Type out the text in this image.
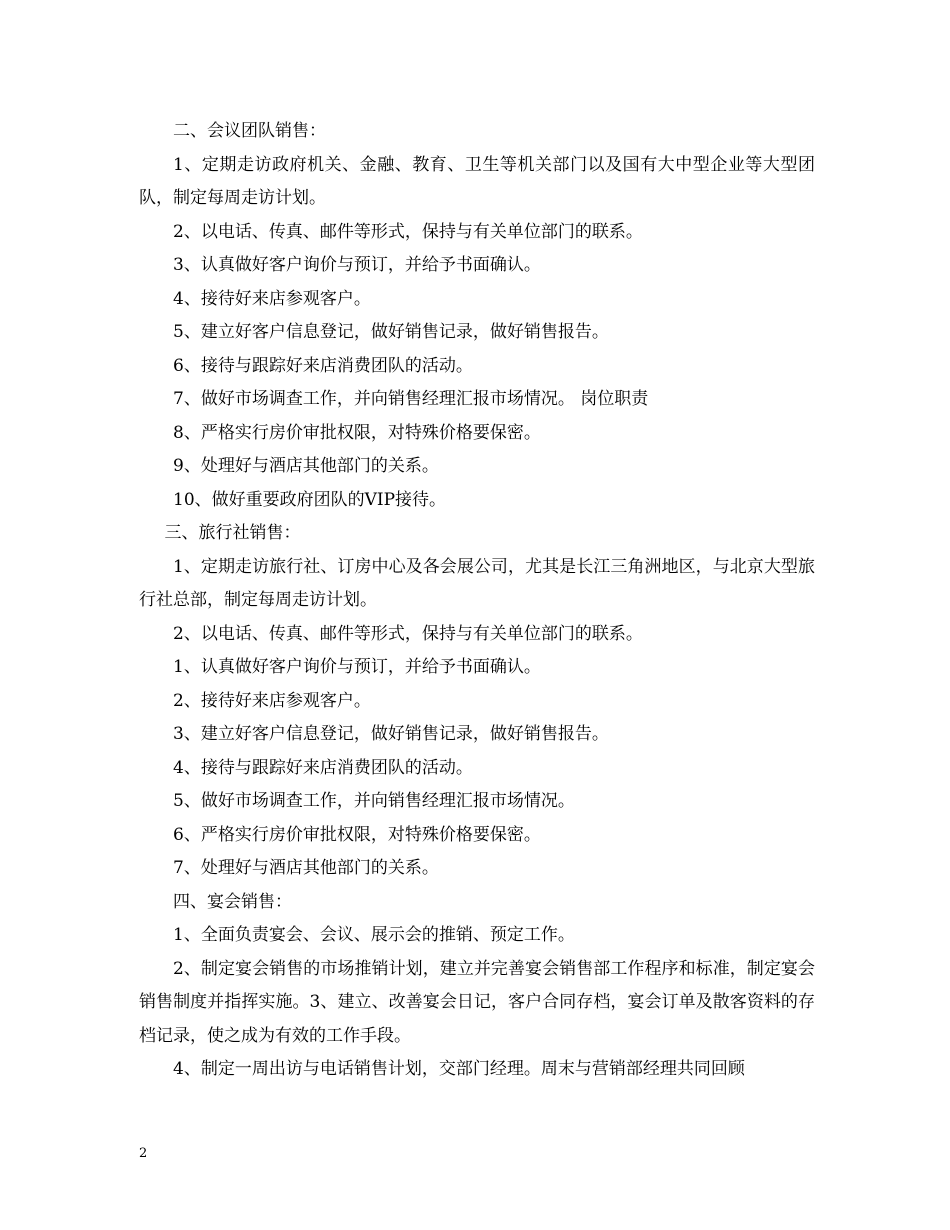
二、会议团队销售：

1、定期走访政府机关、金融、教育、卫生等机关部门以及国有大中型企业等大型团队，制定每周走访计划。

2、以电话、传真、邮件等形式，保持与有关单位部门的联系。

3、认真做好客户询价与预订，并给予书面确认。

4、接待好来店参观客户。

5、建立好客户信息登记，做好销售记录，做好销售报告。

6、接待与跟踪好来店消费团队的活动。

7、做好市场调查工作，并向销售经理汇报市场情况。 岗位职责

8、严格实行房价审批权限，对特殊价格要保密。

9、处理好与酒店其他部门的关系。

10、做好重要政府团队的VIP接待。

三、旅行社销售：

1、定期走访旅行社、订房中心及各会展公司，尤其是长江三角洲地区，与北京大型旅行社总部，制定每周走访计划。

2、以电话、传真、邮件等形式，保持与有关单位部门的联系。

1、认真做好客户询价与预订，并给予书面确认。

2、接待好来店参观客户。

3、建立好客户信息登记，做好销售记录，做好销售报告。

4、接待与跟踪好来店消费团队的活动。

5、做好市场调查工作，并向销售经理汇报市场情况。

6、严格实行房价审批权限，对特殊价格要保密。

7、处理好与酒店其他部门的关系。

四、宴会销售：

1、全面负责宴会、会议、展示会的推销、预定工作。

2、制定宴会销售的市场推销计划，建立并完善宴会销售部工作程序和标准，制定宴会销售制度并指挥实施。3、建立、改善宴会日记，客户合同存档，宴会订单及散客资料的存档记录，使之成为有效的工作手段。

4、制定一周出访与电话销售计划，交部门经理。周末与营销部经理共同回顾

2
